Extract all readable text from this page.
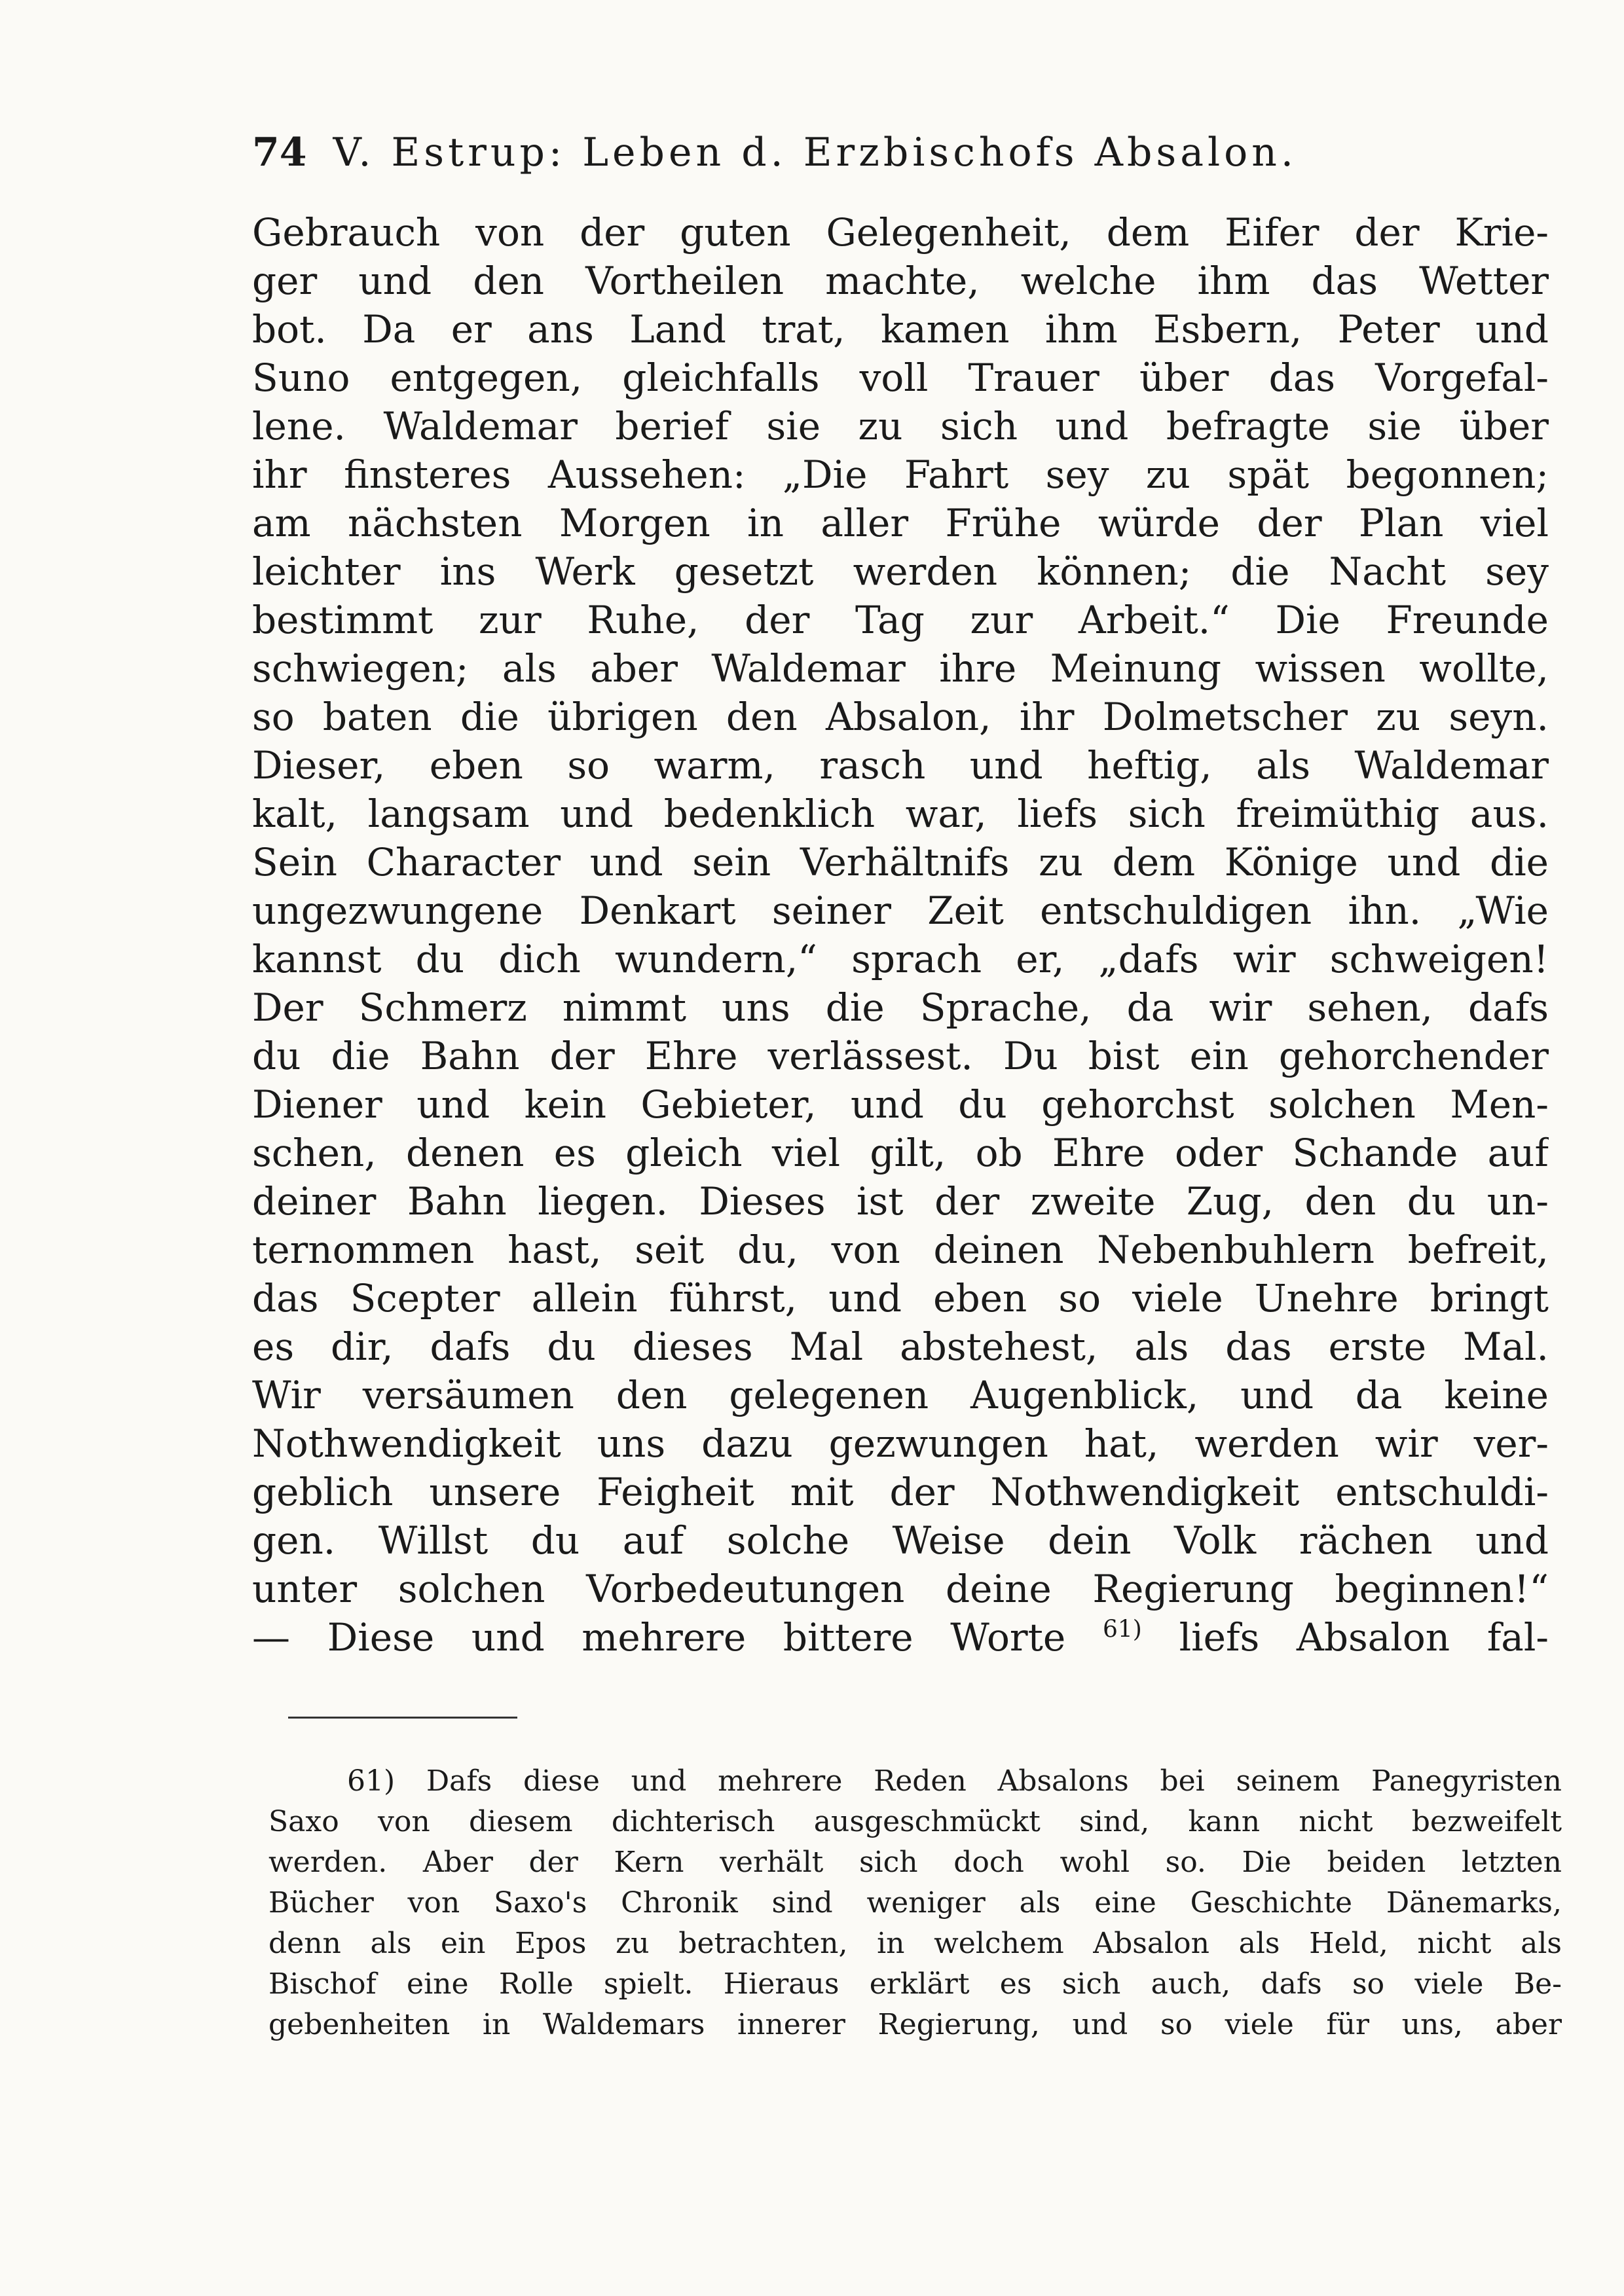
74 V. Estrup: Leben d. Erzbischofs Absalon.
Gebrauch von der guten Gelegenheit, dem Eifer der Krie-
ger und den Vortheilen machte, welche ihm das Wetter
bot. Da er ans Land trat, kamen ihm Esbern, Peter und
Suno entgegen, gleichfalls voll Trauer über das Vorgefal-
lene. Waldemar berief sie zu sich und befragte sie über
ihr finsteres Aussehen: „Die Fahrt sey zu spät begonnen;
am nächsten Morgen in aller Frühe würde der Plan viel
leichter ins Werk gesetzt werden können; die Nacht sey
bestimmt zur Ruhe, der Tag zur Arbeit.“ Die Freunde
schwiegen; als aber Waldemar ihre Meinung wissen wollte,
so baten die übrigen den Absalon, ihr Dolmetscher zu seyn.
Dieser, eben so warm, rasch und heftig, als Waldemar
kalt, langsam und bedenklich war, liefs sich freimüthig aus.
Sein Character und sein Verhältnifs zu dem Könige und die
ungezwungene Denkart seiner Zeit entschuldigen ihn. „Wie
kannst du dich wundern,“ sprach er, „dafs wir schweigen!
Der Schmerz nimmt uns die Sprache, da wir sehen, dafs
du die Bahn der Ehre verlässest. Du bist ein gehorchender
Diener und kein Gebieter, und du gehorchst solchen Men-
schen, denen es gleich viel gilt, ob Ehre oder Schande auf
deiner Bahn liegen. Dieses ist der zweite Zug, den du un-
ternommen hast, seit du, von deinen Nebenbuhlern befreit,
das Scepter allein führst, und eben so viele Unehre bringt
es dir, dafs du dieses Mal abstehest, als das erste Mal.
Wir versäumen den gelegenen Augenblick, und da keine
Nothwendigkeit uns dazu gezwungen hat, werden wir ver-
geblich unsere Feigheit mit der Nothwendigkeit entschuldi-
gen. Willst du auf solche Weise dein Volk rächen und
unter solchen Vorbedeutungen deine Regierung beginnen!“
— Diese und mehrere bittere Worte $^{61)}$ liefs Absalon fal-
61) Dafs diese und mehrere Reden Absalons bei seinem Panegyristen
Saxo von diesem dichterisch ausgeschmückt sind, kann nicht bezweifelt
werden. Aber der Kern verhält sich doch wohl so. Die beiden letzten
Bücher von Saxo's Chronik sind weniger als eine Geschichte Dänemarks,
denn als ein Epos zu betrachten, in welchem Absalon als Held, nicht als
Bischof eine Rolle spielt. Hieraus erklärt es sich auch, dafs so viele Be-
gebenheiten in Waldemars innerer Regierung, und so viele für uns, aber
